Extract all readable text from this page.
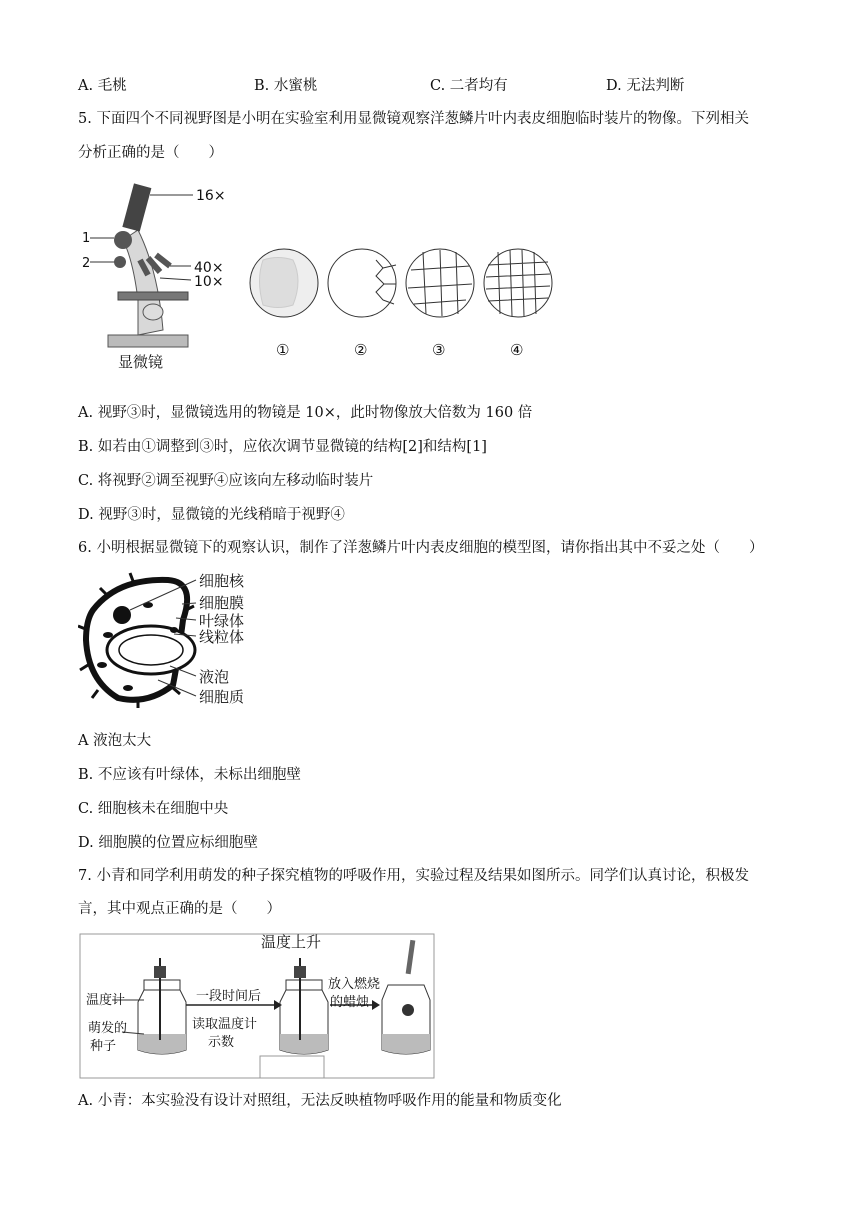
A. 毛桃	B. 水蜜桃	C. 二者均有	D. 无法判断
5. 下面四个不同视野图是小明在实验室利用显微镜观察洋葱鳞片叶内表皮细胞临时装片的物像。下列相关
分析正确的是（　　）
16×
1
2	40×
10×
显微镜
①	②	③	④
A. 视野③时，显微镜选用的物镜是 10×，此时物像放大倍数为 160 倍
B. 如若由①调整到③时，应依次调节显微镜的结构[2]和结构[1]
C. 将视野②调至视野④应该向左移动临时装片
D. 视野③时，显微镜的光线稍暗于视野④
6. 小明根据显微镜下的观察认识，制作了洋葱鳞片叶内表皮细胞的模型图，请你指出其中不妥之处（　　）
细胞核
细胞膜
叶绿体
线粒体
液泡
细胞质
A 液泡太大
B. 不应该有叶绿体，未标出细胞壁
C. 细胞核未在细胞中央
D. 细胞膜的位置应标细胞壁
7. 小青和同学利用萌发的种子探究植物的呼吸作用，实验过程及结果如图所示。同学们认真讨论，积极发
言，其中观点正确的是（　　）
温度上升
温度计
萌发的
种子
一段时间后
读取温度计
示数
放入燃烧
的蜡烛
A. 小青：本实验没有设计对照组，无法反映植物呼吸作用的能量和物质变化
